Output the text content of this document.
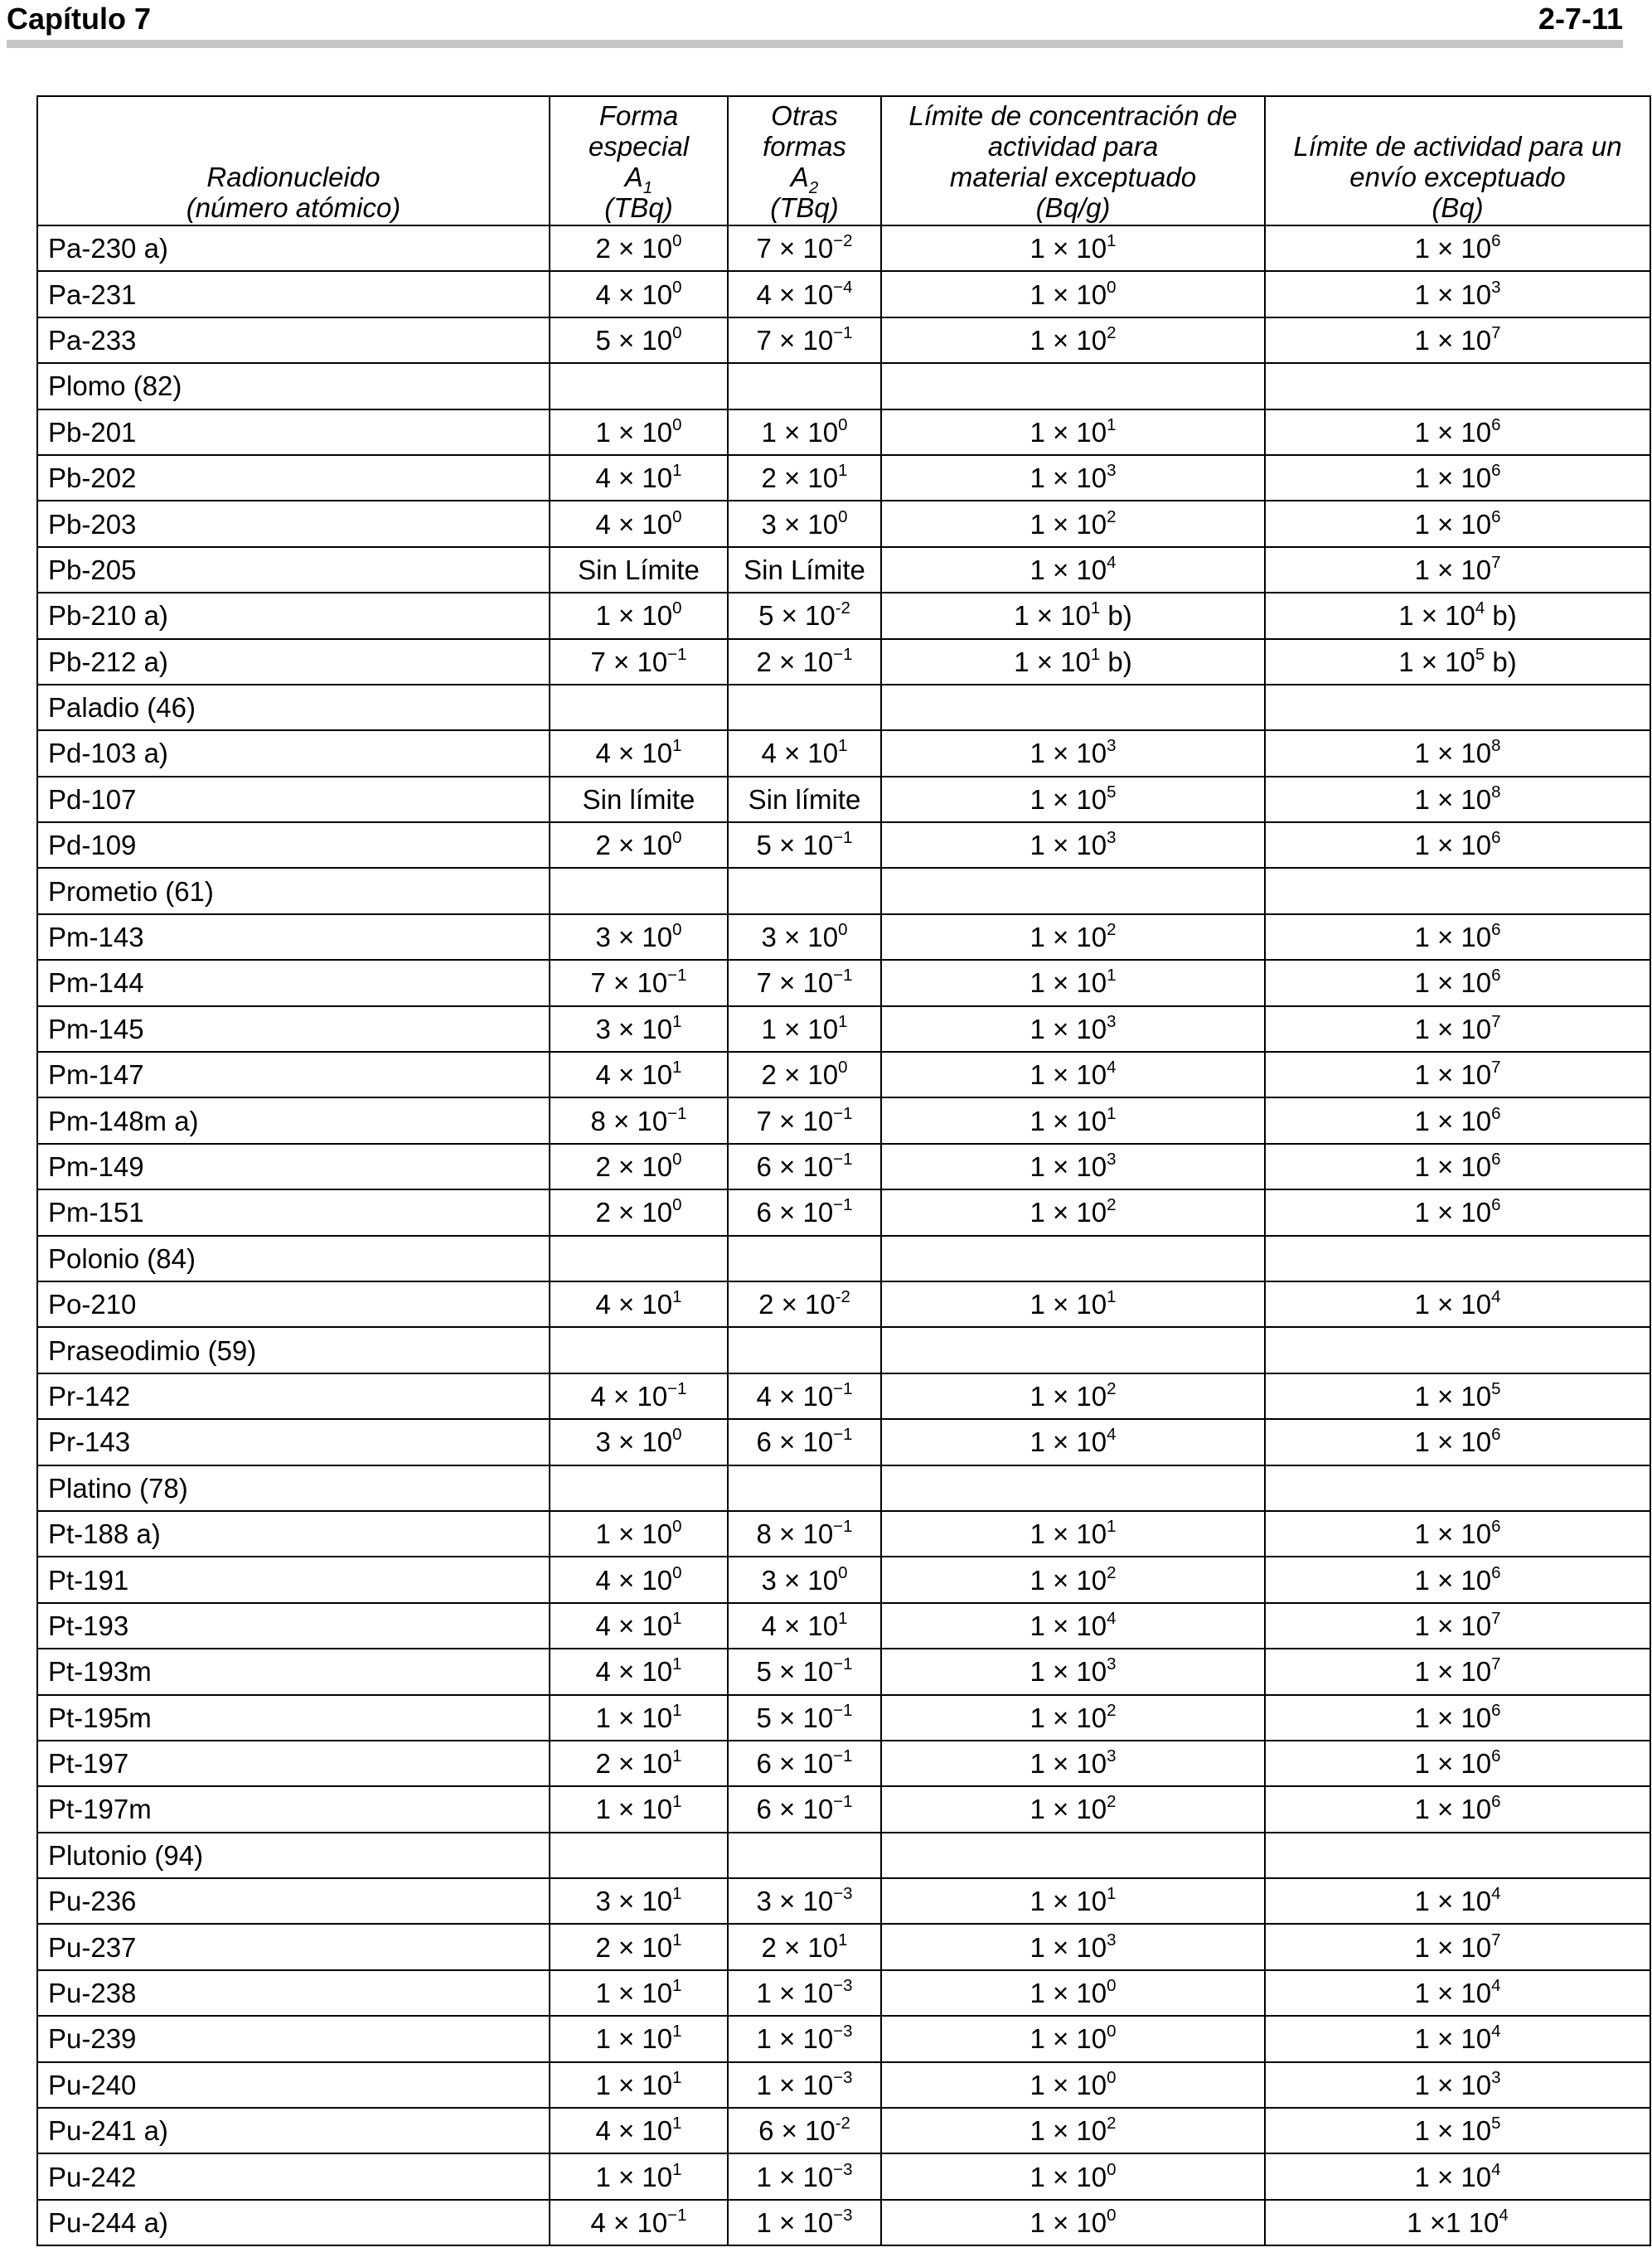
Capítulo 7	2-7-11
Radionucleido
(número atómico)	Forma
especial
$A_1$
(TBq)	Otras
formas
$A_2$
(TBq)	Límite de concentración de
actividad para
material exceptuado
(Bq/g)	Límite de actividad para un
envío exceptuado
(Bq)
Pa-230 a)	$2 \times 10^0$	$7 \times 10^{-2}$	$1 \times 10^1$	$1 \times 10^6$
Pa-231	$4 \times 10^0$	$4 \times 10^{-4}$	$1 \times 10^0$	$1 \times 10^3$
Pa-233	$5 \times 10^0$	$7 \times 10^{-1}$	$1 \times 10^2$	$1 \times 10^7$
Plomo (82)				
Pb-201	$1 \times 10^0$	$1 \times 10^0$	$1 \times 10^1$	$1 \times 10^6$
Pb-202	$4 \times 10^1$	$2 \times 10^1$	$1 \times 10^3$	$1 \times 10^6$
Pb-203	$4 \times 10^0$	$3 \times 10^0$	$1 \times 10^2$	$1 \times 10^6$
Pb-205	Sin Límite	Sin Límite	$1 \times 10^4$	$1 \times 10^7$
Pb-210 a)	$1 \times 10^0$	$5 \times 10^{-2}$	$1 \times 10^1$ b)	$1 \times 10^4$ b)
Pb-212 a)	$7 \times 10^{-1}$	$2 \times 10^{-1}$	$1 \times 10^1$ b)	$1 \times 10^5$ b)
Paladio (46)				
Pd-103 a)	$4 \times 10^1$	$4 \times 10^1$	$1 \times 10^3$	$1 \times 10^8$
Pd-107	Sin límite	Sin límite	$1 \times 10^5$	$1 \times 10^8$
Pd-109	$2 \times 10^0$	$5 \times 10^{-1}$	$1 \times 10^3$	$1 \times 10^6$
Prometio (61)				
Pm-143	$3 \times 10^0$	$3 \times 10^0$	$1 \times 10^2$	$1 \times 10^6$
Pm-144	$7 \times 10^{-1}$	$7 \times 10^{-1}$	$1 \times 10^1$	$1 \times 10^6$
Pm-145	$3 \times 10^1$	$1 \times 10^1$	$1 \times 10^3$	$1 \times 10^7$
Pm-147	$4 \times 10^1$	$2 \times 10^0$	$1 \times 10^4$	$1 \times 10^7$
Pm-148m a)	$8 \times 10^{-1}$	$7 \times 10^{-1}$	$1 \times 10^1$	$1 \times 10^6$
Pm-149	$2 \times 10^0$	$6 \times 10^{-1}$	$1 \times 10^3$	$1 \times 10^6$
Pm-151	$2 \times 10^0$	$6 \times 10^{-1}$	$1 \times 10^2$	$1 \times 10^6$
Polonio (84)				
Po-210	$4 \times 10^1$	$2 \times 10^{-2}$	$1 \times 10^1$	$1 \times 10^4$
Praseodimio (59)				
Pr-142	$4 \times 10^{-1}$	$4 \times 10^{-1}$	$1 \times 10^2$	$1 \times 10^5$
Pr-143	$3 \times 10^0$	$6 \times 10^{-1}$	$1 \times 10^4$	$1 \times 10^6$
Platino (78)				
Pt-188 a)	$1 \times 10^0$	$8 \times 10^{-1}$	$1 \times 10^1$	$1 \times 10^6$
Pt-191	$4 \times 10^0$	$3 \times 10^0$	$1 \times 10^2$	$1 \times 10^6$
Pt-193	$4 \times 10^1$	$4 \times 10^1$	$1 \times 10^4$	$1 \times 10^7$
Pt-193m	$4 \times 10^1$	$5 \times 10^{-1}$	$1 \times 10^3$	$1 \times 10^7$
Pt-195m	$1 \times 10^1$	$5 \times 10^{-1}$	$1 \times 10^2$	$1 \times 10^6$
Pt-197	$2 \times 10^1$	$6 \times 10^{-1}$	$1 \times 10^3$	$1 \times 10^6$
Pt-197m	$1 \times 10^1$	$6 \times 10^{-1}$	$1 \times 10^2$	$1 \times 10^6$
Plutonio (94)				
Pu-236	$3 \times 10^1$	$3 \times 10^{-3}$	$1 \times 10^1$	$1 \times 10^4$
Pu-237	$2 \times 10^1$	$2 \times 10^1$	$1 \times 10^3$	$1 \times 10^7$
Pu-238	$1 \times 10^1$	$1 \times 10^{-3}$	$1 \times 10^0$	$1 \times 10^4$
Pu-239	$1 \times 10^1$	$1 \times 10^{-3}$	$1 \times 10^0$	$1 \times 10^4$
Pu-240	$1 \times 10^1$	$1 \times 10^{-3}$	$1 \times 10^0$	$1 \times 10^3$
Pu-241 a)	$4 \times 10^1$	$6 \times 10^{-2}$	$1 \times 10^2$	$1 \times 10^5$
Pu-242	$1 \times 10^1$	$1 \times 10^{-3}$	$1 \times 10^0$	$1 \times 10^4$
Pu-244 a)	$4 \times 10^{-1}$	$1 \times 10^{-3}$	$1 \times 10^0$	1 ×1 $10^4$
